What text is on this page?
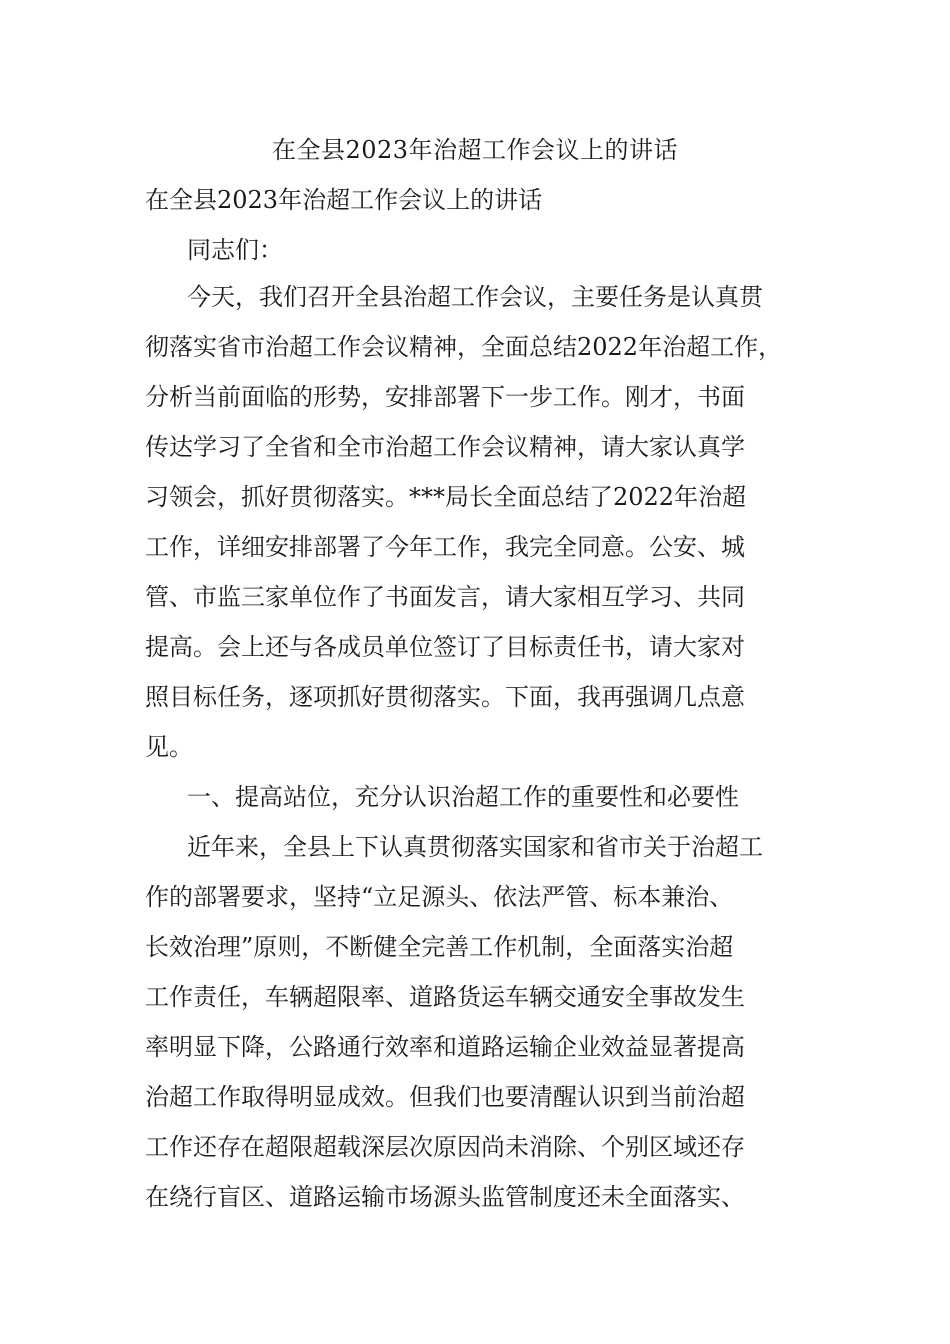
在全县2023年治超工作会议上的讲话
在全县2023年治超工作会议上的讲话
同志们：
今天，我们召开全县治超工作会议，主要任务是认真贯
彻落实省市治超工作会议精神，全面总结2022年治超工作，
分析当前面临的形势，安排部署下一步工作。刚才，书面
传达学习了全省和全市治超工作会议精神，请大家认真学
习领会，抓好贯彻落实。***局长全面总结了2022年治超
工作，详细安排部署了今年工作，我完全同意。公安、城
管、市监三家单位作了书面发言，请大家相互学习、共同
提高。会上还与各成员单位签订了目标责任书，请大家对
照目标任务，逐项抓好贯彻落实。下面，我再强调几点意
见。
一、提高站位，充分认识治超工作的重要性和必要性
近年来，全县上下认真贯彻落实国家和省市关于治超工
作的部署要求，坚持“立足源头、依法严管、标本兼治、
长效治理”原则，不断健全完善工作机制，全面落实治超
工作责任，车辆超限率、道路货运车辆交通安全事故发生
率明显下降，公路通行效率和道路运输企业效益显著提高
治超工作取得明显成效。但我们也要清醒认识到当前治超
工作还存在超限超载深层次原因尚未消除、个别区域还存
在绕行盲区、道路运输市场源头监管制度还未全面落实、
